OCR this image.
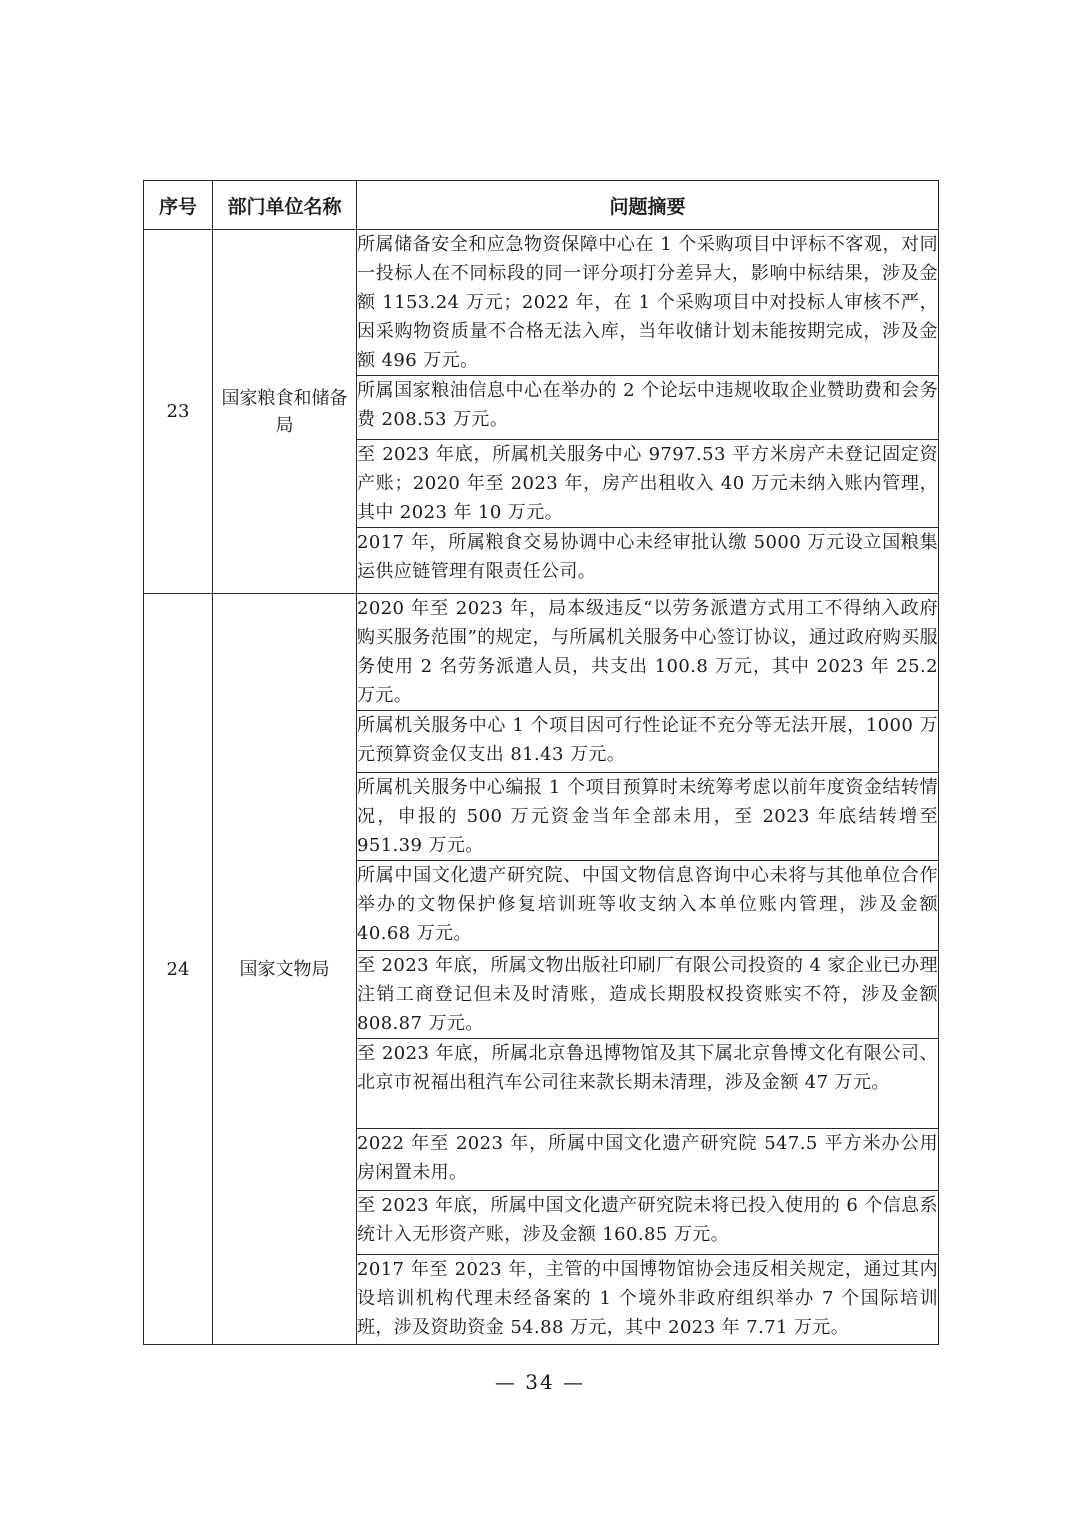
序号	部门单位名称	问题摘要
23	国家粮食和储备局	所属储备安全和应急物资保障中心在 1 个采购项目中评标不客观，对同一投标人在不同标段的同一评分项打分差异大，影响中标结果，涉及金额 1153.24 万元；2022 年，在 1 个采购项目中对投标人审核不严，因采购物资质量不合格无法入库，当年收储计划未能按期完成，涉及金额 496 万元。
		所属国家粮油信息中心在举办的 2 个论坛中违规收取企业赞助费和会务费 208.53 万元。
		至 2023 年底，所属机关服务中心 9797.53 平方米房产未登记固定资产账；2020 年至 2023 年，房产出租收入 40 万元未纳入账内管理，其中 2023 年 10 万元。
		2017 年，所属粮食交易协调中心未经审批认缴 5000 万元设立国粮集运供应链管理有限责任公司。
24	国家文物局	2020 年至 2023 年，局本级违反“以劳务派遣方式用工不得纳入政府购买服务范围”的规定，与所属机关服务中心签订协议，通过政府购买服务使用 2 名劳务派遣人员，共支出 100.8 万元，其中 2023 年 25.2 万元。
		所属机关服务中心 1 个项目因可行性论证不充分等无法开展，1000 万元预算资金仅支出 81.43 万元。
		所属机关服务中心编报 1 个项目预算时未统筹考虑以前年度资金结转情况，申报的 500 万元资金当年全部未用，至 2023 年底结转增至 951.39 万元。
		所属中国文化遗产研究院、中国文物信息咨询中心未将与其他单位合作举办的文物保护修复培训班等收支纳入本单位账内管理，涉及金额 40.68 万元。
		至 2023 年底，所属文物出版社印刷厂有限公司投资的 4 家企业已办理注销工商登记但未及时清账，造成长期股权投资账实不符，涉及金额 808.87 万元。
		至 2023 年底，所属北京鲁迅博物馆及其下属北京鲁博文化有限公司、北京市祝福出租汽车公司往来款长期未清理，涉及金额 47 万元。
		2022 年至 2023 年，所属中国文化遗产研究院 547.5 平方米办公用房闲置未用。
		至 2023 年底，所属中国文化遗产研究院未将已投入使用的 6 个信息系统计入无形资产账，涉及金额 160.85 万元。
		2017 年至 2023 年，主管的中国博物馆协会违反相关规定，通过其内设培训机构代理未经备案的 1 个境外非政府组织举办 7 个国际培训班，涉及资助资金 54.88 万元，其中 2023 年 7.71 万元。
— 34 —
